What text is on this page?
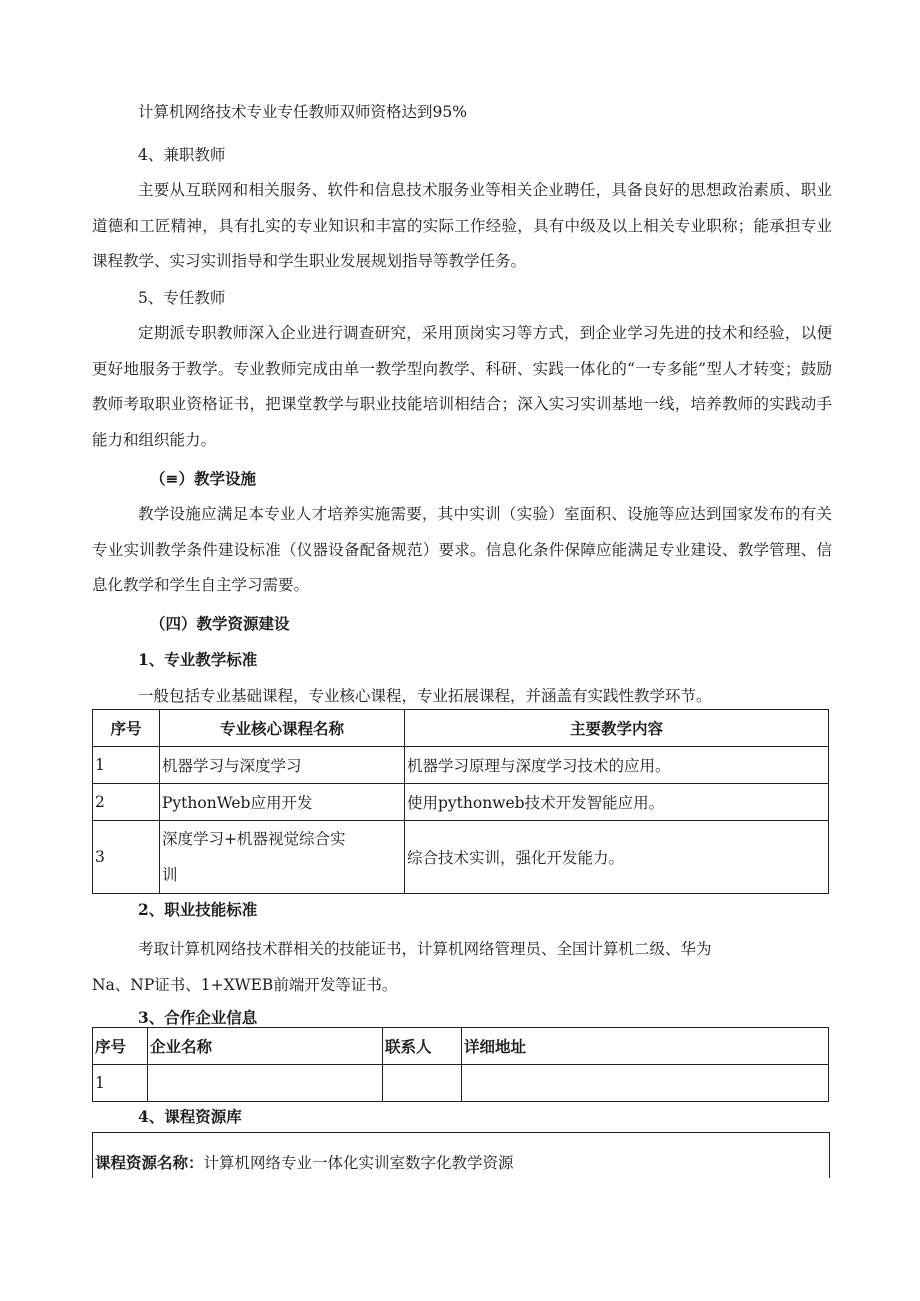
计算机网络技术专业专任教师双师资格达到95%
4、兼职教师
主要从互联网和相关服务、软件和信息技术服务业等相关企业聘任，具备良好的思想政治素质、职业道德和工匠精神，具有扎实的专业知识和丰富的实际工作经验，具有中级及以上相关专业职称；能承担专业课程教学、实习实训指导和学生职业发展规划指导等教学任务。
5、专任教师
定期派专职教师深入企业进行调查研究，采用顶岗实习等方式，到企业学习先进的技术和经验，以便更好地服务于教学。专业教师完成由单一教学型向教学、科研、实践一体化的“一专多能”型人才转变；鼓励教师考取职业资格证书，把课堂教学与职业技能培训相结合；深入实习实训基地一线，培养教师的实践动手能力和组织能力。
（≡）教学设施
教学设施应满足本专业人才培养实施需要，其中实训（实验）室面积、设施等应达到国家发布的有关专业实训教学条件建设标准（仪器设备配备规范）要求。信息化条件保障应能满足专业建设、教学管理、信息化教学和学生自主学习需要。
（四）教学资源建设
1、专业教学标准
一般包括专业基础课程，专业核心课程，专业拓展课程，并涵盖有实践性教学环节。
序号	专业核心课程名称	主要教学内容
1	机器学习与深度学习	机器学习原理与深度学习技术的应用。
2	PythonWeb应用开发	使用pythonweb技术开发智能应用。
3	深度学习+机器视觉综合实
训	综合技术实训，强化开发能力。
2、职业技能标准
考取计算机网络技术群相关的技能证书，计算机网络管理员、全国计算机二级、华为
Na、NP证书、1+XWEB前端开发等证书。
3、合作企业信息
序号	企业名称	联系人	详细地址
1			
4、课程资源库
课程资源名称：计算机网络专业一体化实训室数字化教学资源
